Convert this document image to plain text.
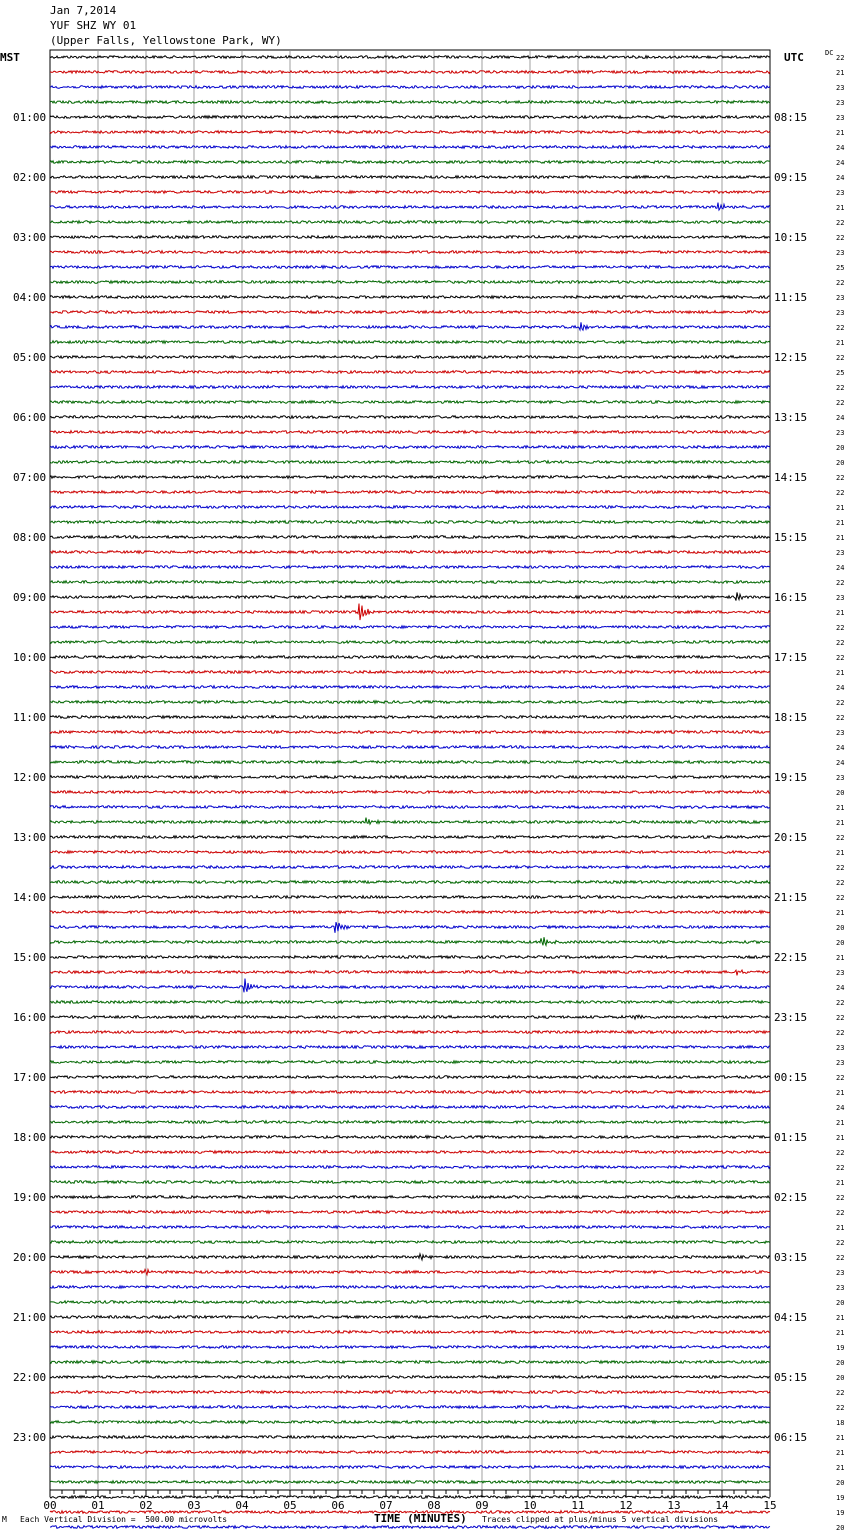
Jan 7,2014
YUF SHZ WY 01
(Upper Falls, Yellowstone Park, WY)
MST	UTC	DC
22
21
23
23
23
21
24
24
24
23
21
22
22
23
25
22
23
23
22
21
22
25
22
22
24
23
20
20
22
22
21
21
21
23
24
22
23
21
22
22
22
21
24
22
22
23
24
24
23
20
21
21
22
21
22
22
22
21
20
20
21
23
24
22
22
22
23
23
22
21
24
21
21
22
22
21
22
22
21
22
22
23
23
20
21
21
19
20
20
22
22
18
21
21
21
20
19
19
20
01:00
02:00
03:00
04:00
05:00
06:00
07:00
08:00
09:00
10:00
11:00
12:00
13:00
14:00
15:00
16:00
17:00
18:00
19:00
20:00
21:00
22:00
23:00
08:15
09:15
10:15
11:15
12:15
13:15
14:15
15:15
16:15
17:15
18:15
19:15
20:15
21:15
22:15
23:15
00:15
01:15
02:15
03:15
04:15
05:15
06:15
00	01	02	03	04	05	06	07	08	09	10	11	12	13	14	15
M Each Vertical Division =  500.00 microvolts	TIME (MINUTES) Traces clipped at plus/minus 5 vertical divisions
